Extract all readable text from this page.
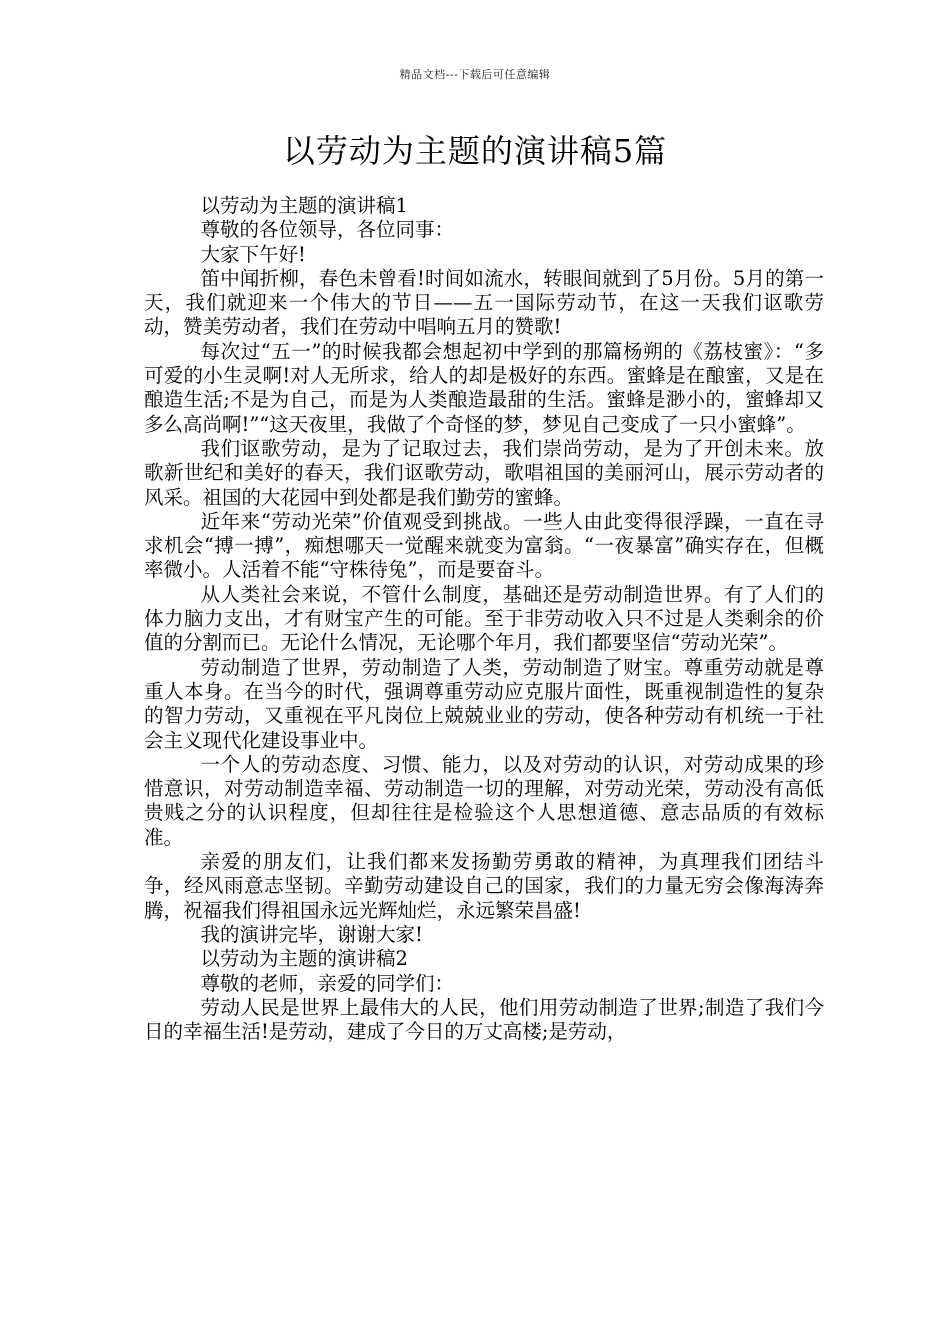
精品文档---下载后可任意编辑
以劳动为主题的演讲稿5篇

以劳动为主题的演讲稿1

尊敬的各位领导，各位同事：

大家下午好!

笛中闻折柳，春色未曾看!时间如流水，转眼间就到了5月份。5月的第一天，我们就迎来一个伟大的节日——五一国际劳动节，在这一天我们讴歌劳动，赞美劳动者，我们在劳动中唱响五月的赞歌!

每次过“五一”的时候我都会想起初中学到的那篇杨朔的《荔枝蜜》：“多可爱的小生灵啊!对人无所求，给人的却是极好的东西。蜜蜂是在酿蜜，又是在酿造生活;不是为自己，而是为人类酿造最甜的生活。蜜蜂是渺小的，蜜蜂却又多么高尚啊!”“这天夜里，我做了个奇怪的梦，梦见自己变成了一只小蜜蜂”。

我们讴歌劳动，是为了记取过去，我们崇尚劳动，是为了开创未来。放歌新世纪和美好的春天，我们讴歌劳动，歌唱祖国的美丽河山，展示劳动者的风采。祖国的大花园中到处都是我们勤劳的蜜蜂。

近年来“劳动光荣”价值观受到挑战。一些人由此变得很浮躁，一直在寻求机会“搏一搏”，痴想哪天一觉醒来就变为富翁。“一夜暴富”确实存在，但概率微小。人活着不能“守株待兔”，而是要奋斗。

从人类社会来说，不管什么制度，基础还是劳动制造世界。有了人们的体力脑力支出，才有财宝产生的可能。至于非劳动收入只不过是人类剩余的价值的分割而已。无论什么情况，无论哪个年月，我们都要坚信“劳动光荣”。

劳动制造了世界，劳动制造了人类，劳动制造了财宝。尊重劳动就是尊重人本身。在当今的时代，强调尊重劳动应克服片面性，既重视制造性的复杂的智力劳动，又重视在平凡岗位上兢兢业业的劳动，使各种劳动有机统一于社会主义现代化建设事业中。

一个人的劳动态度、习惯、能力，以及对劳动的认识，对劳动成果的珍惜意识，对劳动制造幸福、劳动制造一切的理解，对劳动光荣，劳动没有高低贵贱之分的认识程度，但却往往是检验这个人思想道德、意志品质的有效标准。

亲爱的朋友们，让我们都来发扬勤劳勇敢的精神，为真理我们团结斗争，经风雨意志坚韧。辛勤劳动建设自己的国家，我们的力量无穷会像海涛奔腾，祝福我们得祖国永远光辉灿烂，永远繁荣昌盛!

我的演讲完毕，谢谢大家!

以劳动为主题的演讲稿2

尊敬的老师，亲爱的同学们：

劳动人民是世界上最伟大的人民，他们用劳动制造了世界;制造了我们今日的幸福生活!是劳动，建成了今日的万丈高楼;是劳动，
